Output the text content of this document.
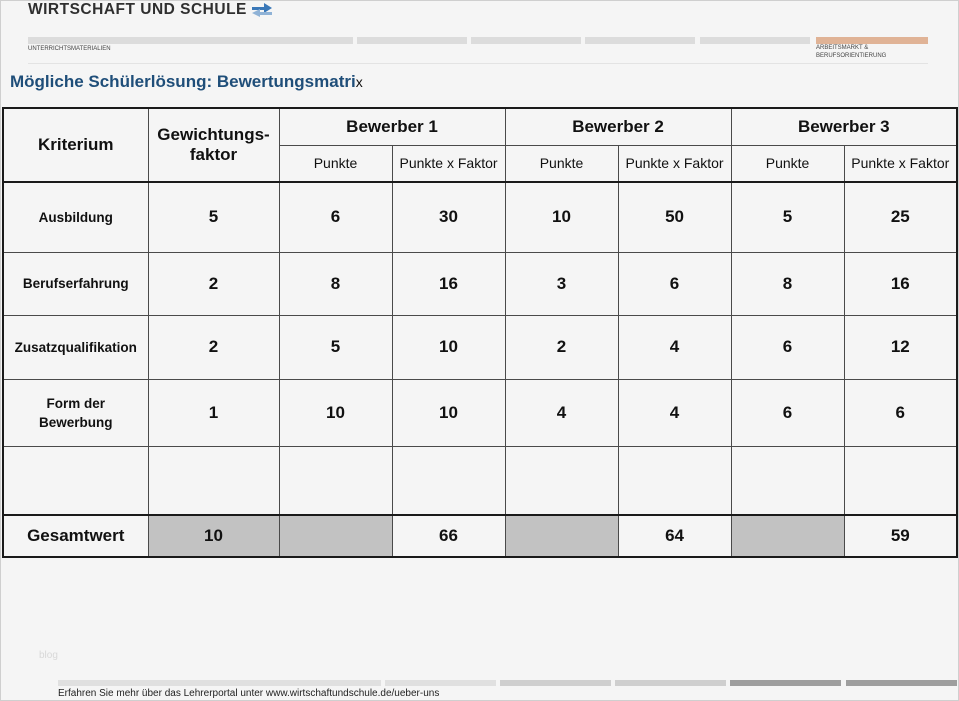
WIRTSCHAFT UND SCHULE
UNTERRICHTSMATERIALIEN	ARBEITSMARKT &
BERUFSORIENTIERUNG
Mögliche Schülerlösung: Bewertungsmatrix
Kriterium	Gewichtungs-
faktor	Bewerber 1		Bewerber 2		Bewerber 3	
		Punkte	Punkte x Faktor	Punkte	Punkte x Faktor	Punkte	Punkte x Faktor

Ausbildung	5	6	30	10	50	5	25

Berufserfahrung	2	8	16	3	6	8	16

Zusatzqualifikation	2	5	10	2	4	6	12

Form der
Bewerbung	1	10	10	4	4	6	6

Gesamtwert	10		66		64		59
blog
Erfahren Sie mehr über das Lehrerportal unter www.wirtschaftundschule.de/ueber-uns
